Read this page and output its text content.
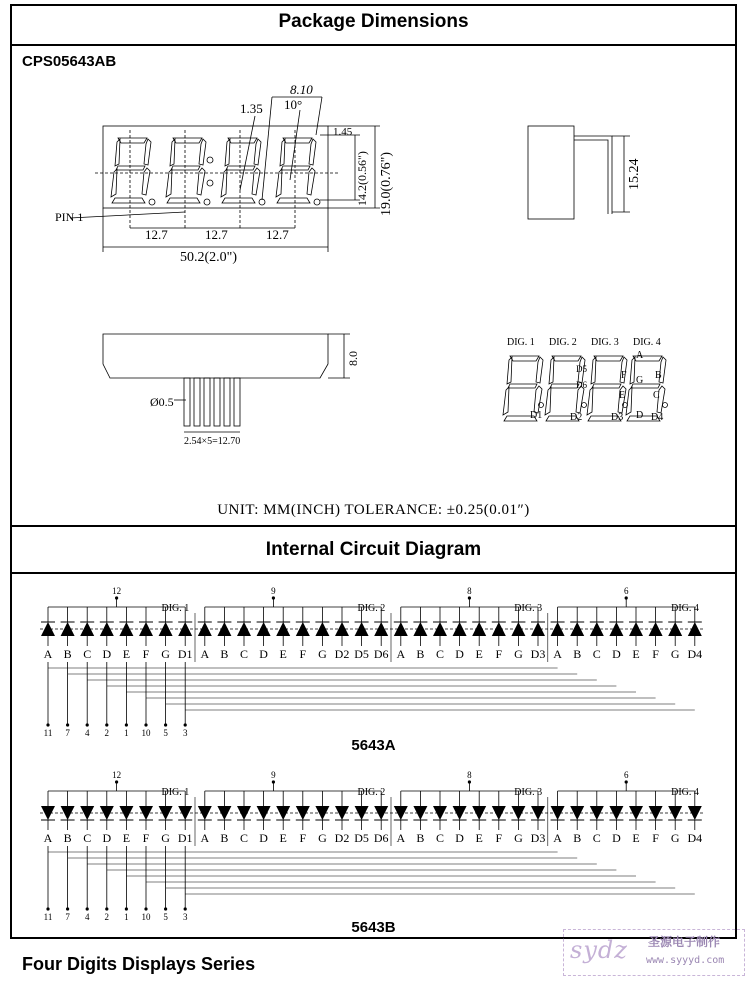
Package Dimensions
CPS05643AB
UNIT: MM(INCH) TOLERANCE: ±0.25(0.01″)
Internal Circuit Diagram
5643A
5643B
8.10
1.35 10°
1.45
14.2(0.56") 19.0(0.76")
PIN 1
12.7	12.7	12.7
50.2(2.0")
15.24
Ø0.5
2.54×5=12.70
8.0
DIG. 1 DIG. 2 DIG. 3 DIG. 4
A
B
C
D
E
F G
D1	D2	D3	D4
D5
D6
12
DIG. 1
A B C D E F G D1
9
DIG. 2
A B C D E F G D2 D5 D6
8
DIG. 3
A B C D E F G D3
6
DIG. 4
A B C D E F G D4
11 7 4 2 1 10 5 3
12
DIG. 1
A B C D E F G D1
9
DIG. 2
A B C D E F G D2 D5 D6
8
DIG. 3
A B C D E F G D3
6
DIG. 4
A B C D E F G D4
11 7 4 2 1 10 5 3
Four Digits Displays Series	sydz 圣源电子制作
www.syyyd.com
